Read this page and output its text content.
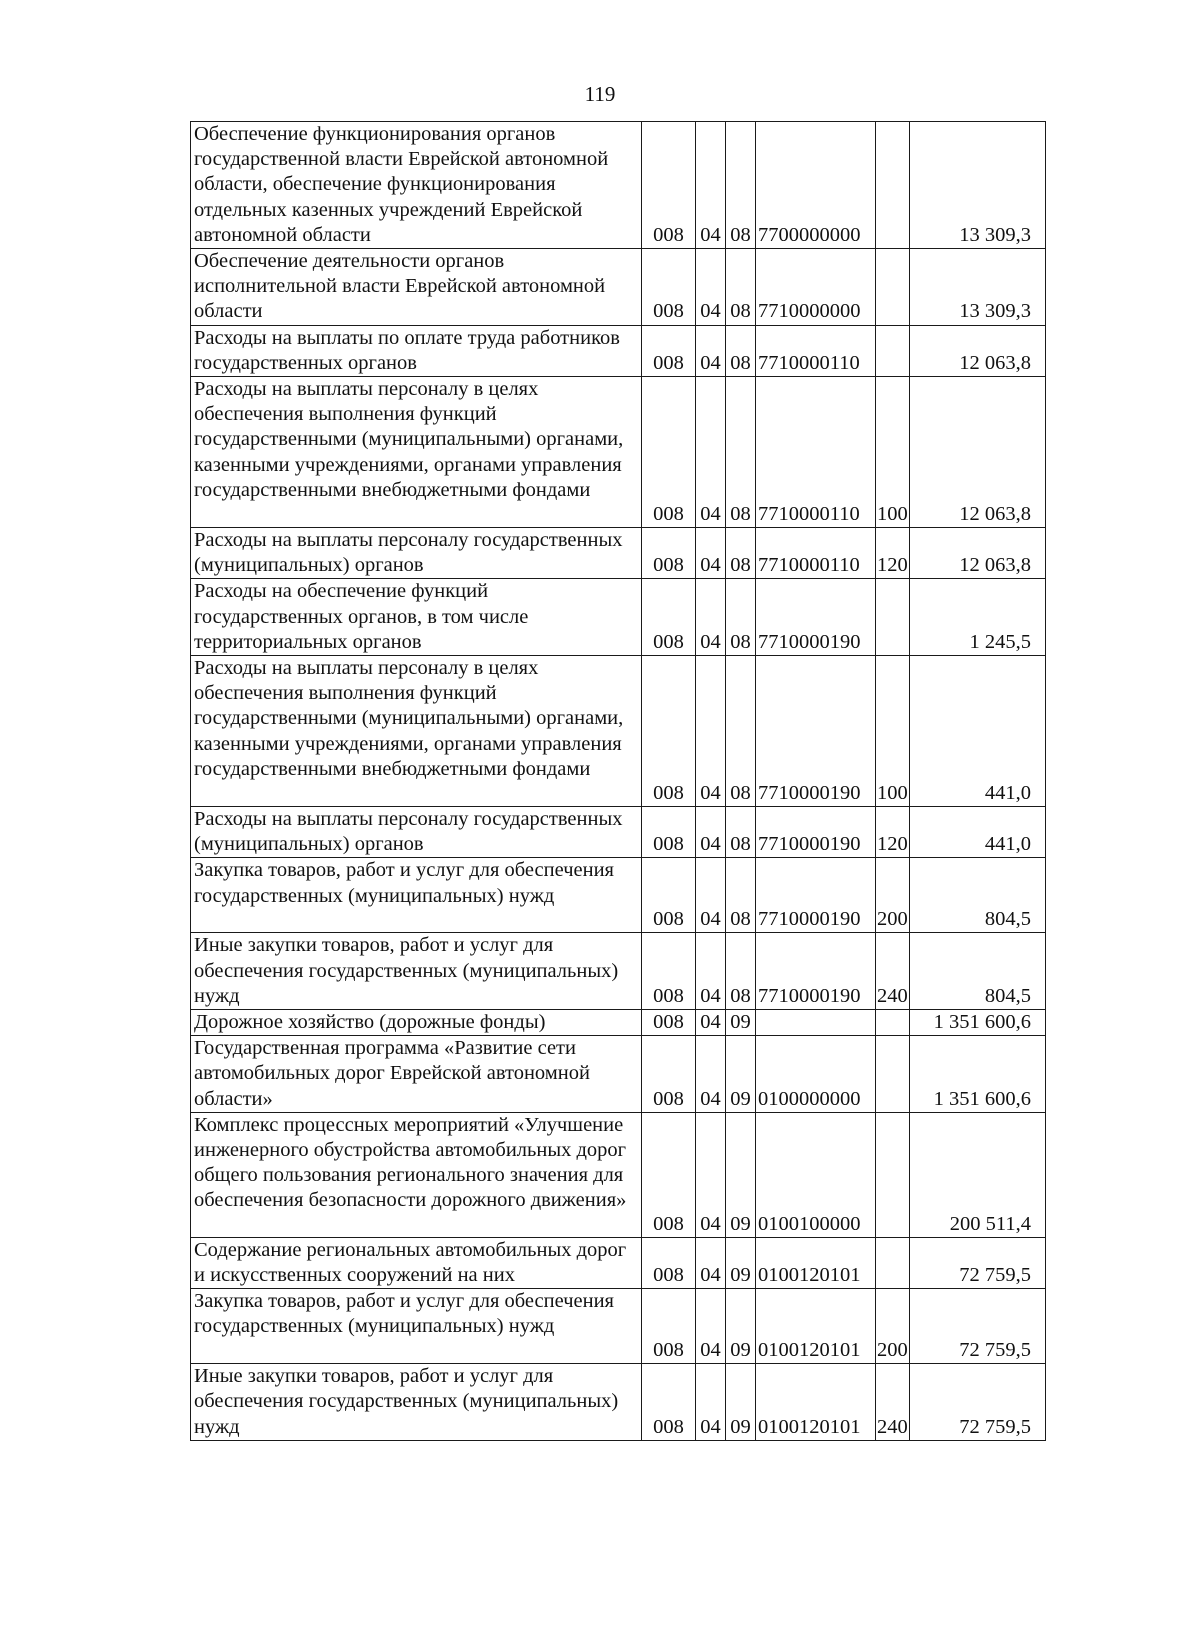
119
Обеспечение функционирования органов государственной власти Еврейской автономной области, обеспечение функционирования отдельных казенных учреждений Еврейской автономной области	008	04	08	7700000000		13 309,3
Обеспечение деятельности органов исполнительной власти Еврейской автономной области	008	04	08	7710000000		13 309,3
Расходы на выплаты по оплате труда работников государственных органов	008	04	08	7710000110		12 063,8
Расходы на выплаты персоналу в целях обеспечения выполнения функций государственными (муниципальными) органами, казенными учреждениями, органами управления государственными внебюджетными фондами	008	04	08	7710000110	100	12 063,8
Расходы на выплаты персоналу государственных (муниципальных) органов	008	04	08	7710000110	120	12 063,8
Расходы на обеспечение функций государственных органов, в том числе территориальных органов	008	04	08	7710000190		1 245,5
Расходы на выплаты персоналу в целях обеспечения выполнения функций государственными (муниципальными) органами, казенными учреждениями, органами управления государственными внебюджетными фондами	008	04	08	7710000190	100	441,0
Расходы на выплаты персоналу государственных (муниципальных) органов	008	04	08	7710000190	120	441,0
Закупка товаров, работ и услуг для обеспечения государственных (муниципальных) нужд	008	04	08	7710000190	200	804,5
Иные закупки товаров, работ и услуг для обеспечения государственных (муниципальных) нужд	008	04	08	7710000190	240	804,5
Дорожное хозяйство (дорожные фонды)	008	04	09			1 351 600,6
Государственная программа «Развитие сети автомобильных дорог Еврейской автономной области»	008	04	09	0100000000		1 351 600,6
Комплекс процессных мероприятий «Улучшение инженерного обустройства автомобильных дорог общего пользования регионального значения для обеспечения безопасности дорожного движения»	008	04	09	0100100000		200 511,4
Содержание региональных автомобильных дорог и искусственных сооружений на них	008	04	09	0100120101		72 759,5
Закупка товаров, работ и услуг для обеспечения государственных (муниципальных) нужд	008	04	09	0100120101	200	72 759,5
Иные закупки товаров, работ и услуг для обеспечения государственных (муниципальных) нужд	008	04	09	0100120101	240	72 759,5
